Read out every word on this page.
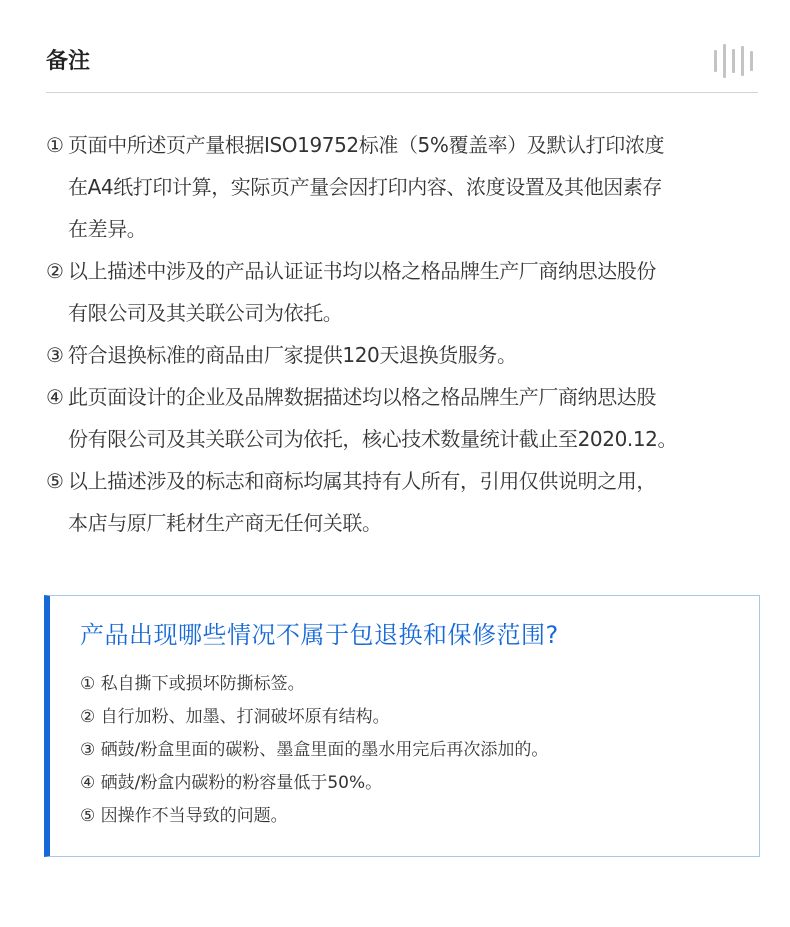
备注
① 页面中所述页产量根据ISO19752标准（5%覆盖率）及默认打印浓度
在A4纸打印计算，实际页产量会因打印内容、浓度设置及其他因素存
在差异。
② 以上描述中涉及的产品认证证书均以格之格品牌生产厂商纳思达股份
有限公司及其关联公司为依托。
③ 符合退换标准的商品由厂家提供120天退换货服务。
④ 此页面设计的企业及品牌数据描述均以格之格品牌生产厂商纳思达股
份有限公司及其关联公司为依托，核心技术数量统计截止至2020.12。
⑤ 以上描述涉及的标志和商标均属其持有人所有，引用仅供说明之用，
本店与原厂耗材生产商无任何关联。
产品出现哪些情况不属于包退换和保修范围?
① 私自撕下或损坏防撕标签。
② 自行加粉、加墨、打洞破坏原有结构。
③ 硒鼓/粉盒里面的碳粉、墨盒里面的墨水用完后再次添加的。
④ 硒鼓/粉盒内碳粉的粉容量低于50%。
⑤ 因操作不当导致的问题。
